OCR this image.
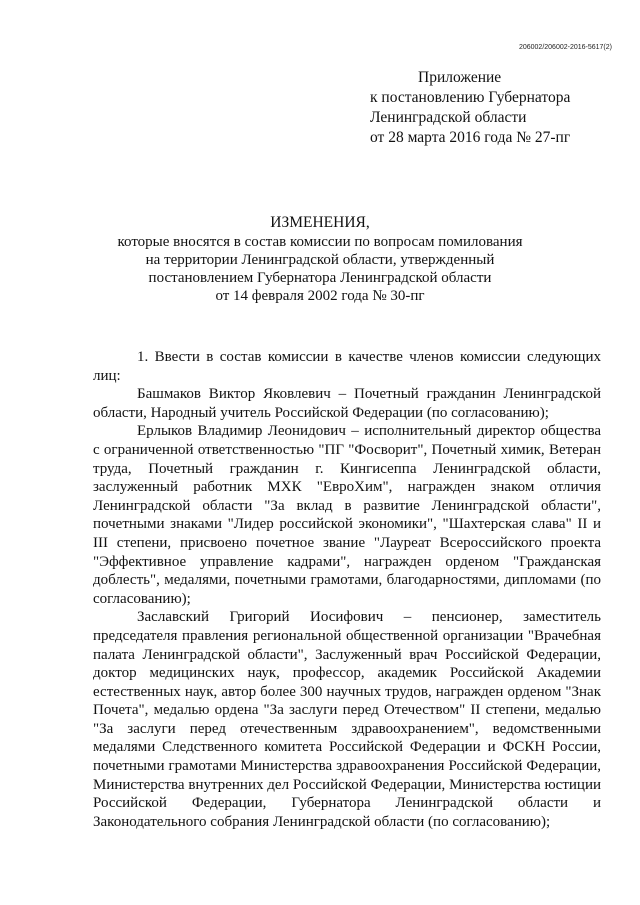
206002/206002-2016-5617(2)
Приложение
к постановлению Губернатора
Ленинградской области
от 28 марта 2016 года № 27-пг
ИЗМЕНЕНИЯ,
которые вносятся в состав комиссии по вопросам помилования
на территории Ленинградской области, утвержденный
постановлением Губернатора Ленинградской области
от 14 февраля 2002 года № 30-пг

1. Ввести в состав комиссии в качестве членов комиссии следующих лиц:

Башмаков Виктор Яковлевич – Почетный гражданин Ленинградской области, Народный учитель Российской Федерации (по согласованию);

Ерлыков Владимир Леонидович – исполнительный директор общества с ограниченной ответственностью "ПГ "Фосворит", Почетный химик, Ветеран труда, Почетный гражданин г. Кингисеппа Ленинградской области, заслуженный работник МХК "ЕвроХим", награжден знаком отличия Ленинградской области "За вклад в развитие Ленинградской области", почетными знаками "Лидер российской экономики", "Шахтерская слава" II и III степени, присвоено почетное звание "Лауреат Всероссийского проекта "Эффективное управление кадрами", награжден орденом "Гражданская доблесть", медалями, почетными грамотами, благодарностями, дипломами (по согласованию);

Заславский Григорий Иосифович – пенсионер, заместитель председателя правления региональной общественной организации "Врачебная палата Ленинградской области", Заслуженный врач Российской Федерации, доктор медицинских наук, профессор, академик Российской Академии естественных наук, автор более 300 научных трудов, награжден орденом "Знак Почета", медалью ордена "За заслуги перед Отечеством" II степени, медалью "За заслуги перед отечественным здравоохранением", ведомственными медалями Следственного комитета Российской Федерации и ФСКН России, почетными грамотами Министерства здравоохранения Российской Федерации, Министерства внутренних дел Российской Федерации, Министерства юстиции Российской Федерации, Губернатора Ленинградской области и Законодательного собрания Ленинградской области (по согласованию);
